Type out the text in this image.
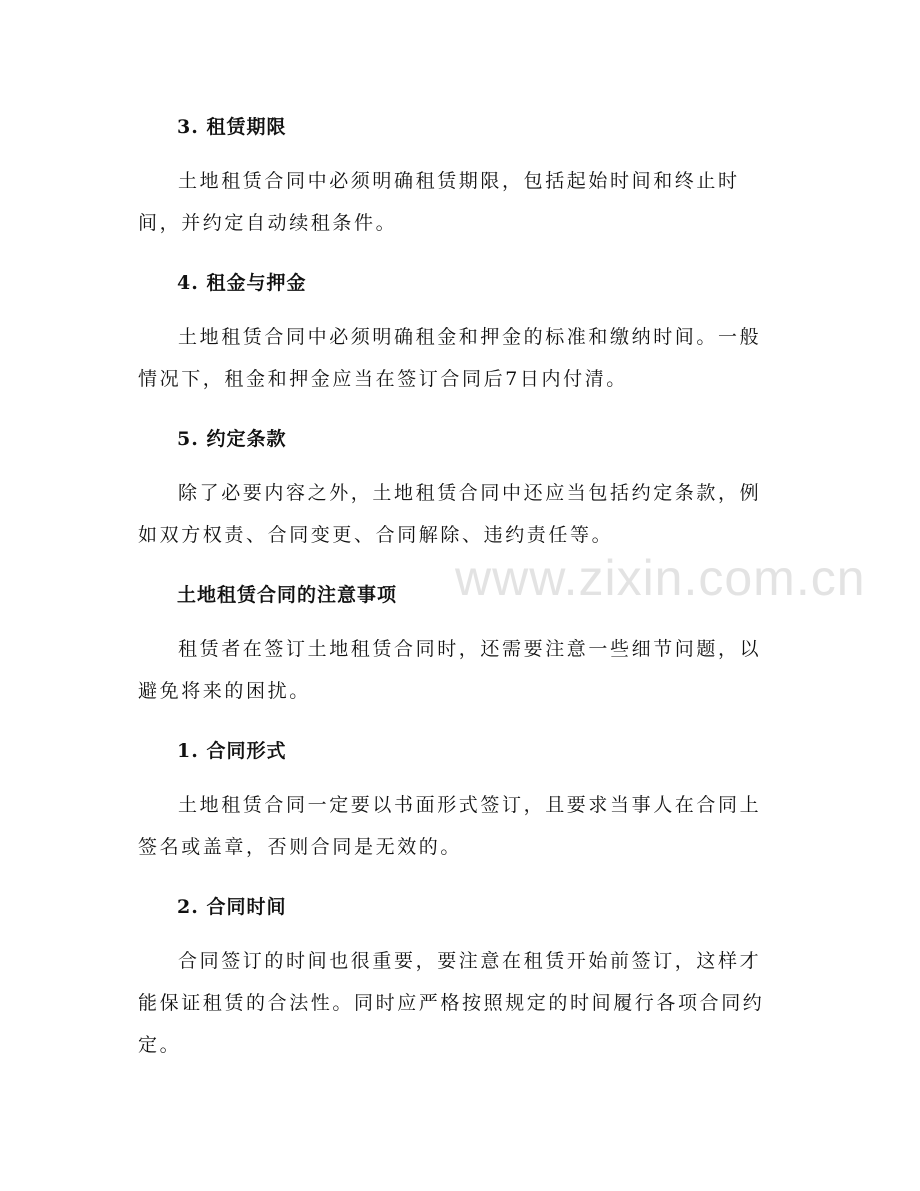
3. 租赁期限
土地租赁合同中必须明确租赁期限，包括起始时间和终止时间，并约定自动续租条件。
4. 租金与押金
土地租赁合同中必须明确租金和押金的标准和缴纳时间。一般情况下，租金和押金应当在签订合同后7日内付清。
5. 约定条款
除了必要内容之外，土地租赁合同中还应当包括约定条款，例如双方权责、合同变更、合同解除、违约责任等。
土地租赁合同的注意事项
租赁者在签订土地租赁合同时，还需要注意一些细节问题，以避免将来的困扰。
1. 合同形式
土地租赁合同一定要以书面形式签订，且要求当事人在合同上签名或盖章，否则合同是无效的。
2. 合同时间
合同签订的时间也很重要，要注意在租赁开始前签订，这样才能保证租赁的合法性。同时应严格按照规定的时间履行各项合同约定。
www.zixin.com.cn
